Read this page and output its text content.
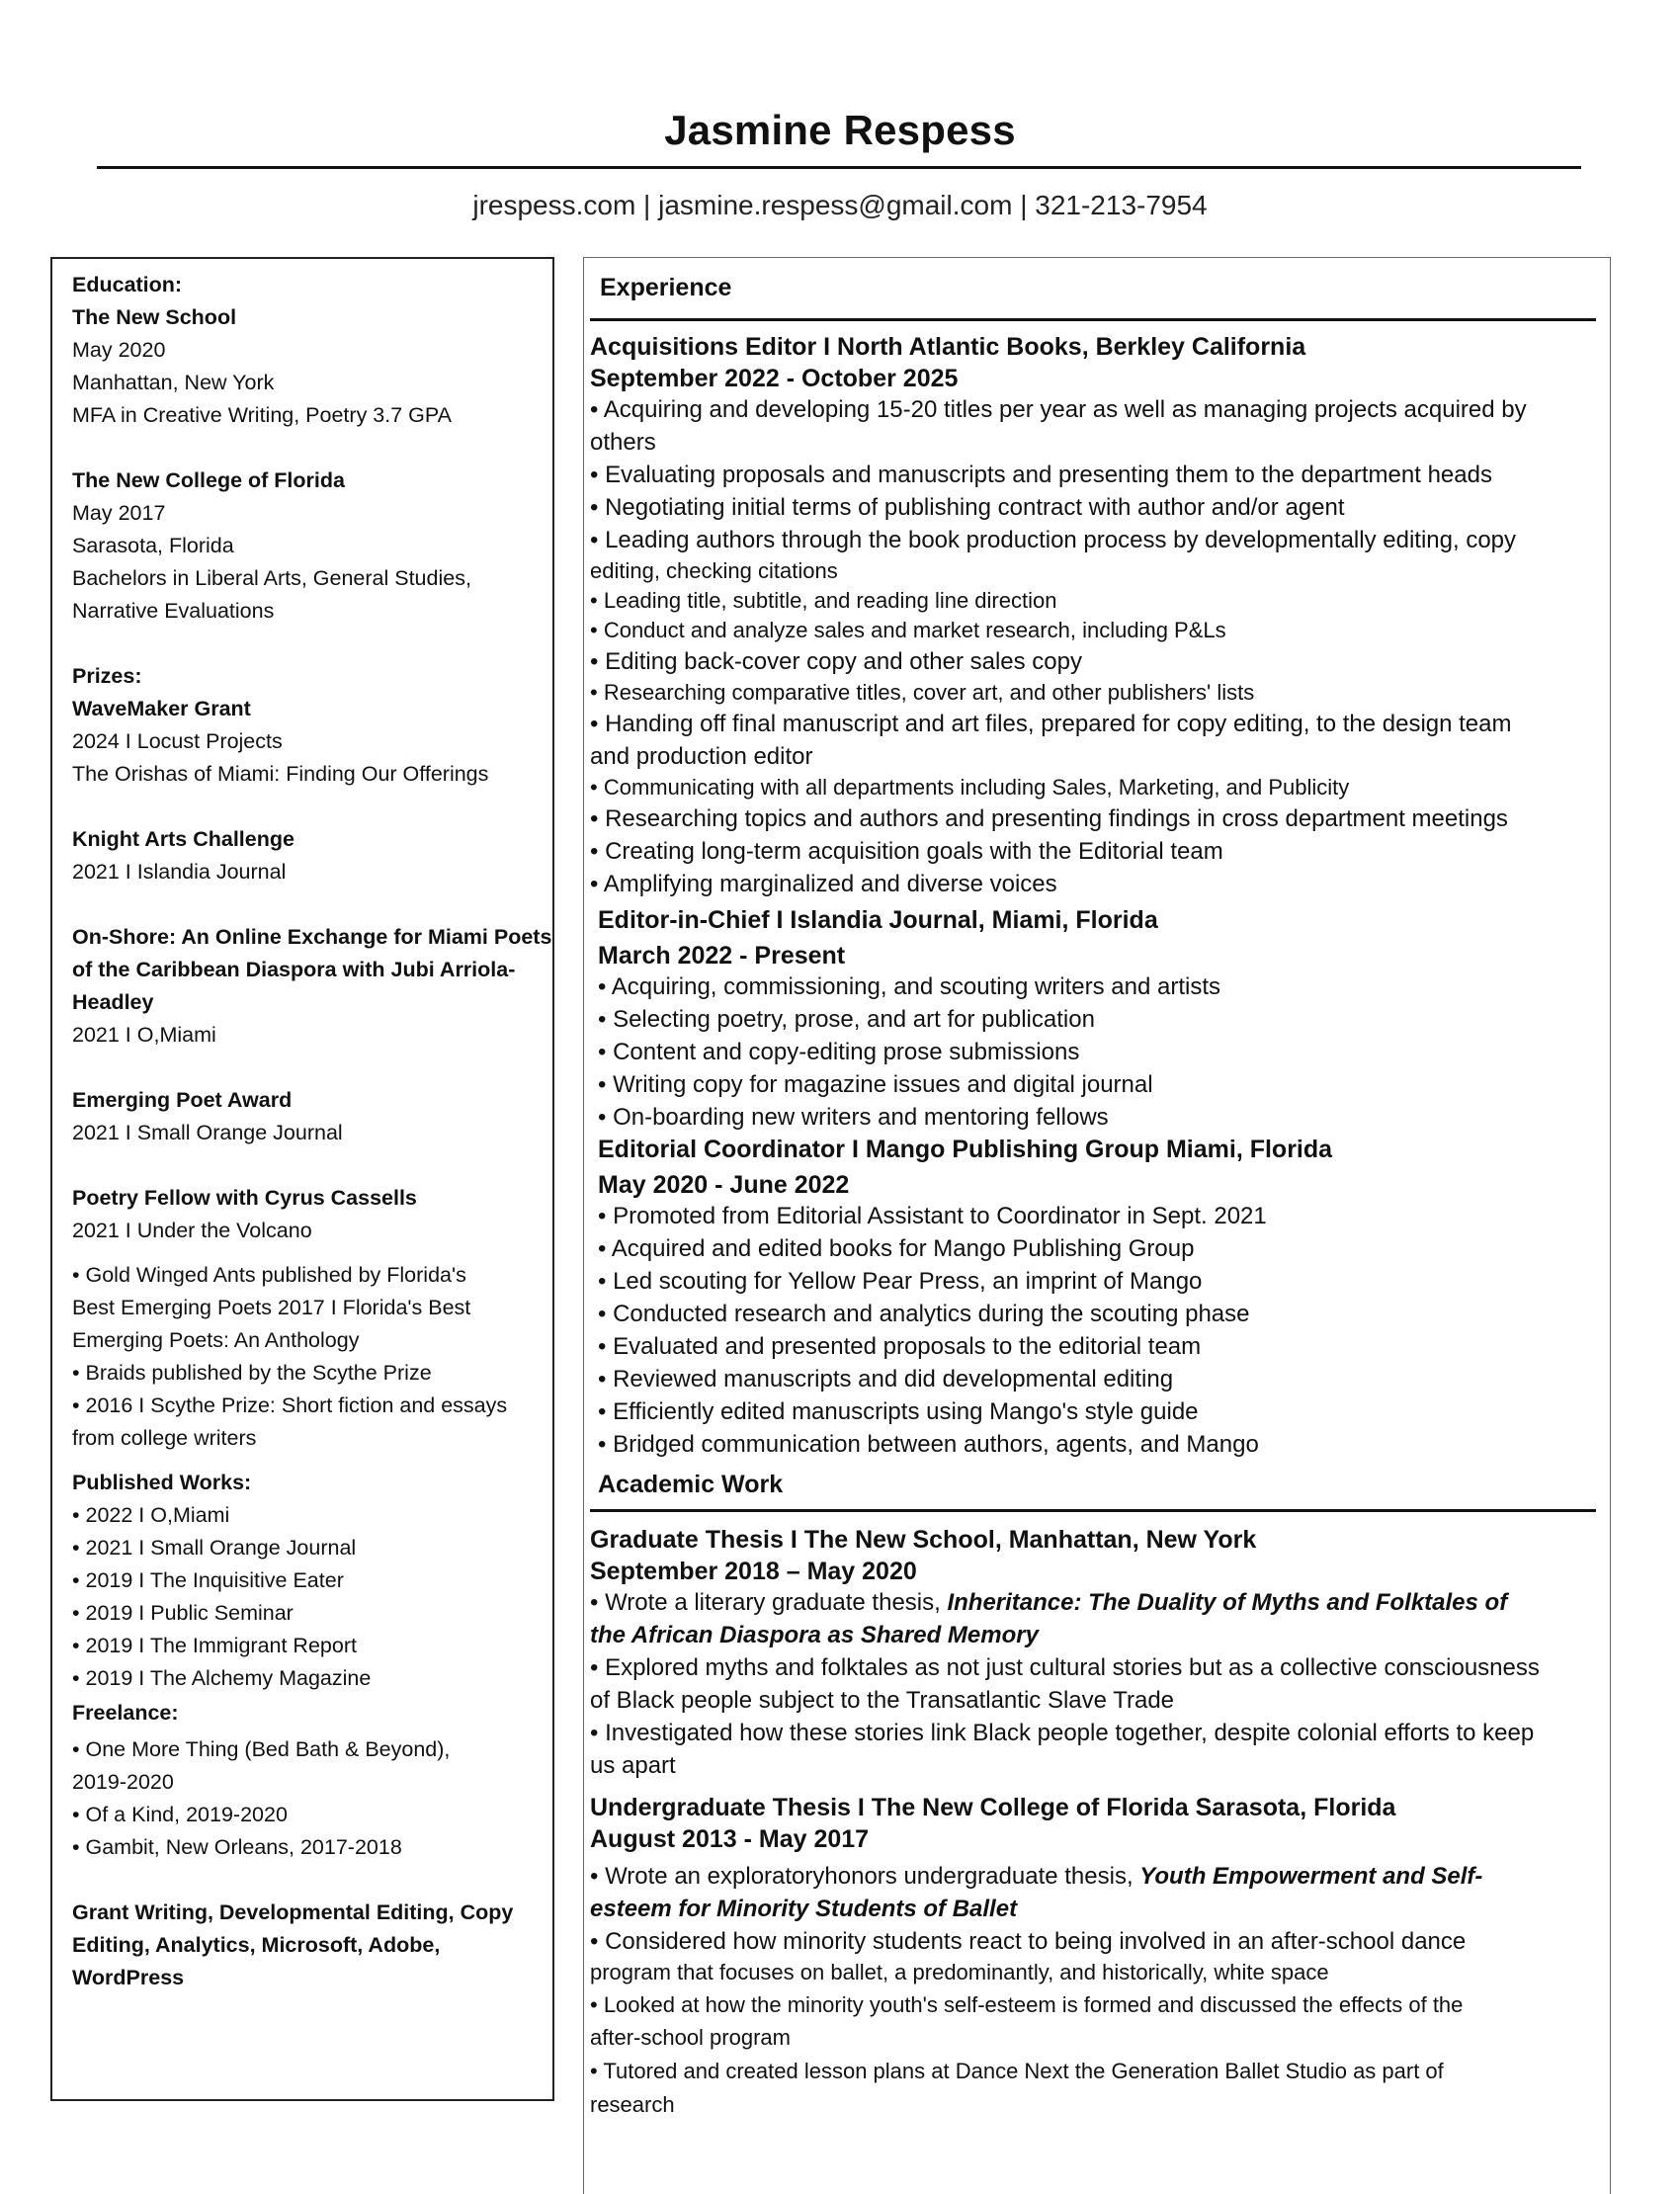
Jasmine Respess
jrespess.com | jasmine.respess@gmail.com | 321-213-7954
Education:
The New School
May 2020
Manhattan, New York
MFA in Creative Writing, Poetry 3.7 GPA
The New College of Florida
May 2017
Sarasota, Florida
Bachelors in Liberal Arts, General Studies,
Narrative Evaluations
Prizes:
WaveMaker Grant
2024 I Locust Projects
The Orishas of Miami: Finding Our Offerings
Knight Arts Challenge
2021 I Islandia Journal
On-Shore: An Online Exchange for Miami Poets
of the Caribbean Diaspora with Jubi Arriola-
Headley
2021 I O,Miami
Emerging Poet Award
2021 I Small Orange Journal
Poetry Fellow with Cyrus Cassells
2021 I Under the Volcano
• Gold Winged Ants published by Florida's
Best Emerging Poets 2017 I Florida's Best
Emerging Poets: An Anthology
• Braids published by the Scythe Prize
• 2016 I Scythe Prize: Short fiction and essays
from college writers
Published Works:
• 2022 I O,Miami
• 2021 I Small Orange Journal
• 2019 I The Inquisitive Eater
• 2019 I Public Seminar
• 2019 I The Immigrant Report
• 2019 I The Alchemy Magazine
Freelance:
• One More Thing (Bed Bath & Beyond),
2019-2020
• Of a Kind, 2019-2020
• Gambit, New Orleans, 2017-2018
Grant Writing, Developmental Editing, Copy
Editing, Analytics, Microsoft, Adobe,
WordPress
Experience
Acquisitions Editor I North Atlantic Books, Berkley California
September 2022 - October 2025
• Acquiring and developing 15-20 titles per year as well as managing projects acquired by
others
• Evaluating proposals and manuscripts and presenting them to the department heads
• Negotiating initial terms of publishing contract with author and/or agent
• Leading authors through the book production process by developmentally editing, copy
editing, checking citations
• Leading title, subtitle, and reading line direction
• Conduct and analyze sales and market research, including P&Ls
• Editing back-cover copy and other sales copy
• Researching comparative titles, cover art, and other publishers' lists
• Handing off final manuscript and art files, prepared for copy editing, to the design team
and production editor
• Communicating with all departments including Sales, Marketing, and Publicity
• Researching topics and authors and presenting findings in cross department meetings
• Creating long-term acquisition goals with the Editorial team
• Amplifying marginalized and diverse voices
Editor-in-Chief I Islandia Journal, Miami, Florida
March 2022 - Present
• Acquiring, commissioning, and scouting writers and artists
• Selecting poetry, prose, and art for publication
• Content and copy-editing prose submissions
• Writing copy for magazine issues and digital journal
• On-boarding new writers and mentoring fellows
Editorial Coordinator I Mango Publishing Group Miami, Florida
May 2020 - June 2022
• Promoted from Editorial Assistant to Coordinator in Sept. 2021
• Acquired and edited books for Mango Publishing Group
• Led scouting for Yellow Pear Press, an imprint of Mango
• Conducted research and analytics during the scouting phase
• Evaluated and presented proposals to the editorial team
• Reviewed manuscripts and did developmental editing
• Efficiently edited manuscripts using Mango's style guide
• Bridged communication between authors, agents, and Mango
Academic Work
Graduate Thesis I The New School, Manhattan, New York
September 2018 – May 2020
• Wrote a literary graduate thesis, Inheritance: The Duality of Myths and Folktales of
the African Diaspora as Shared Memory
• Explored myths and folktales as not just cultural stories but as a collective consciousness
of Black people subject to the Transatlantic Slave Trade
• Investigated how these stories link Black people together, despite colonial efforts to keep
us apart
Undergraduate Thesis I The New College of Florida Sarasota, Florida
August 2013 - May 2017
• Wrote an exploratoryhonors undergraduate thesis, Youth Empowerment and Self-
esteem for Minority Students of Ballet
• Considered how minority students react to being involved in an after-school dance
program that focuses on ballet, a predominantly, and historically, white space
• Looked at how the minority youth's self-esteem is formed and discussed the effects of the
after-school program
• Tutored and created lesson plans at Dance Next the Generation Ballet Studio as part of
research
